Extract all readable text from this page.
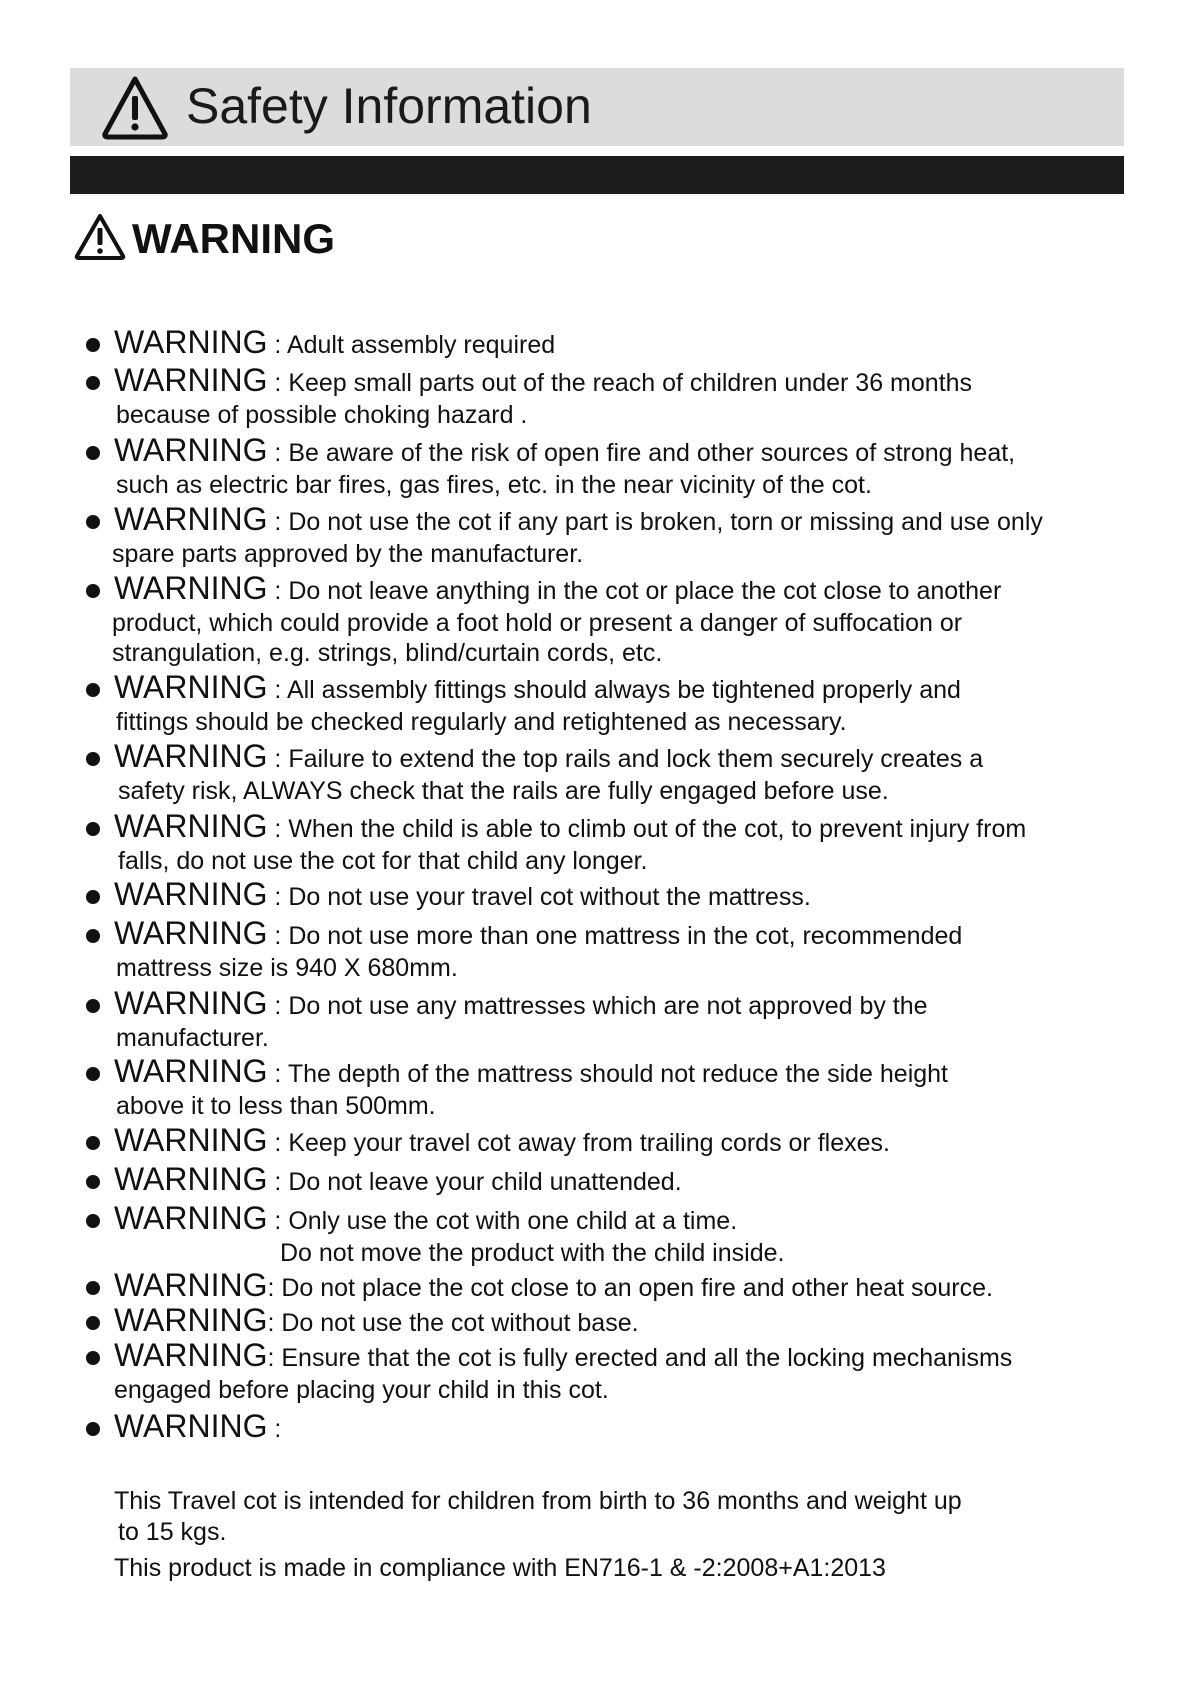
Safety Information
WARNING
WARNING : Adult assembly required
WARNING : Keep small parts out of the reach of children under 36 months
because of possible choking hazard .
WARNING : Be aware of the risk of open fire and other sources of strong heat,
such as electric bar fires, gas fires, etc. in the near vicinity of the cot.
WARNING : Do not use the cot if any part is broken, torn or missing and use only
spare parts approved by the manufacturer.
WARNING : Do not leave anything in the cot or place the cot close to another
product, which could provide a foot hold or present a danger of suffocation or
strangulation, e.g. strings, blind/curtain cords, etc.
WARNING : All assembly fittings should always be tightened properly and
fittings should be checked regularly and retightened as necessary.
WARNING : Failure to extend the top rails and lock them securely creates a
safety risk, ALWAYS check that the rails are fully engaged before use.
WARNING : When the child is able to climb out of the cot, to prevent injury from
falls, do not use the cot for that child any longer.
WARNING : Do not use your travel cot without the mattress.
WARNING : Do not use more than one mattress in the cot, recommended
mattress size is 940 X 680mm.
WARNING : Do not use any mattresses which are not approved by the
manufacturer.
WARNING : The depth of the mattress should not reduce the side height
above it to less than 500mm.
WARNING : Keep your travel cot away from trailing cords or flexes.
WARNING : Do not leave your child unattended.
WARNING : Only use the cot with one child at a time.
Do not move the product with the child inside.
WARNING: Do not place the cot close to an open fire and other heat source.
WARNING: Do not use the cot without base.
WARNING: Ensure that the cot is fully erected and all the locking mechanisms
engaged before placing your child in this cot.
WARNING :
This Travel cot is intended for children from birth to 36 months and weight up
to 15 kgs.
This product is made in compliance with EN716-1 & -2:2008+A1:2013
